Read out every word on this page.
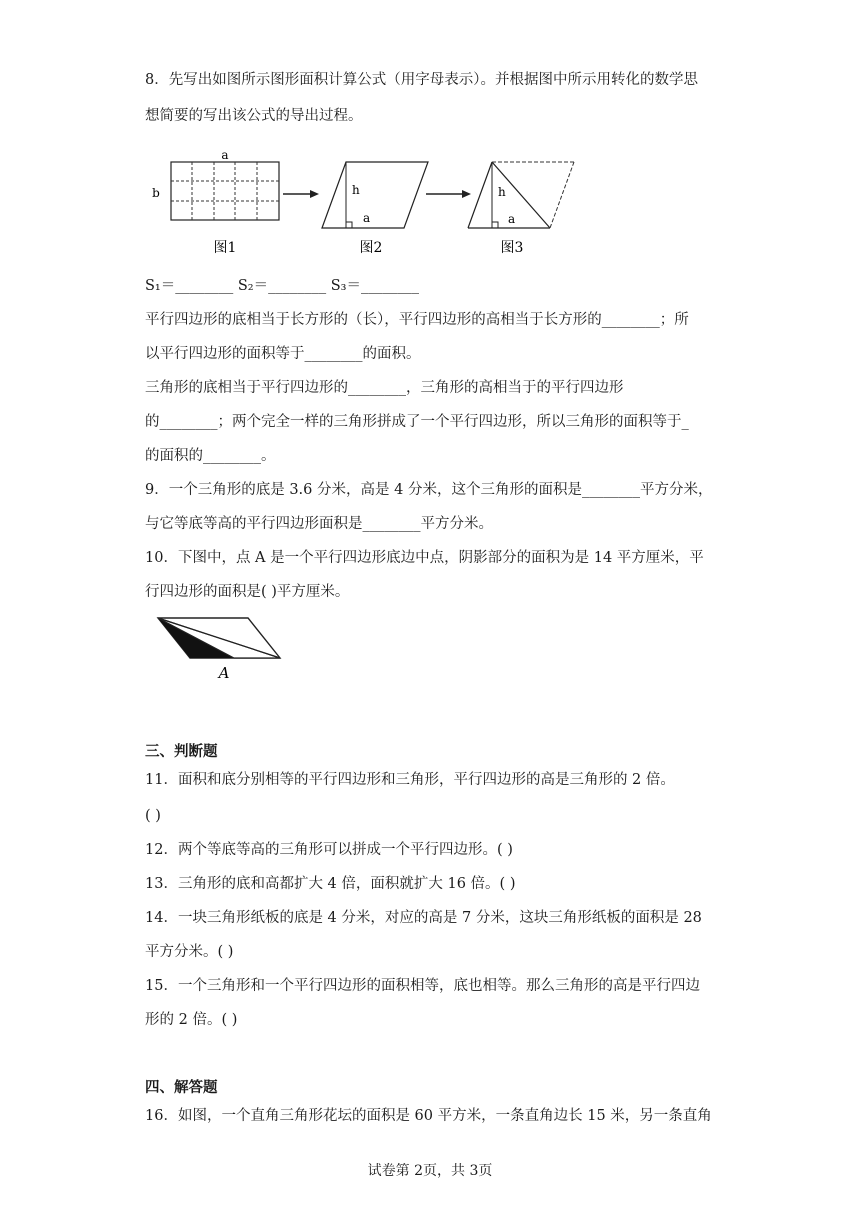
8．先写出如图所示图形面积计算公式（用字母表示）。并根据图中所示用转化的数学思
想简要的写出该公式的导出过程。
a
b	h
a
h
a
图1	图2	图3
S₁＝________ S₂＝________ S₃＝________
平行四边形的底相当于长方形的（长），平行四边形的高相当于长方形的________；所
以平行四边形的面积等于________的面积。
三角形的底相当于平行四边形的________，三角形的高相当于的平行四边形
的________；两个完全一样的三角形拼成了一个平行四边形，所以三角形的面积等于_
的面积的________。
9．一个三角形的底是 3.6 分米，高是 4 分米，这个三角形的面积是________平方分米，
与它等底等高的平行四边形面积是________平方分米。
10．下图中，点 A 是一个平行四边形底边中点，阴影部分的面积为是 14 平方厘米，平
行四边形的面积是( )平方厘米。
A
三、判断题
11．面积和底分别相等的平行四边形和三角形，平行四边形的高是三角形的 2 倍。
( )
12．两个等底等高的三角形可以拼成一个平行四边形。( )
13．三角形的底和高都扩大 4 倍，面积就扩大 16 倍。( )
14．一块三角形纸板的底是 4 分米，对应的高是 7 分米，这块三角形纸板的面积是 28
平方分米。( )
15．一个三角形和一个平行四边形的面积相等，底也相等。那么三角形的高是平行四边
形的 2 倍。( )
四、解答题
16．如图，一个直角三角形花坛的面积是 60 平方米，一条直角边长 15 米，另一条直角
试卷第 2页，共 3页
